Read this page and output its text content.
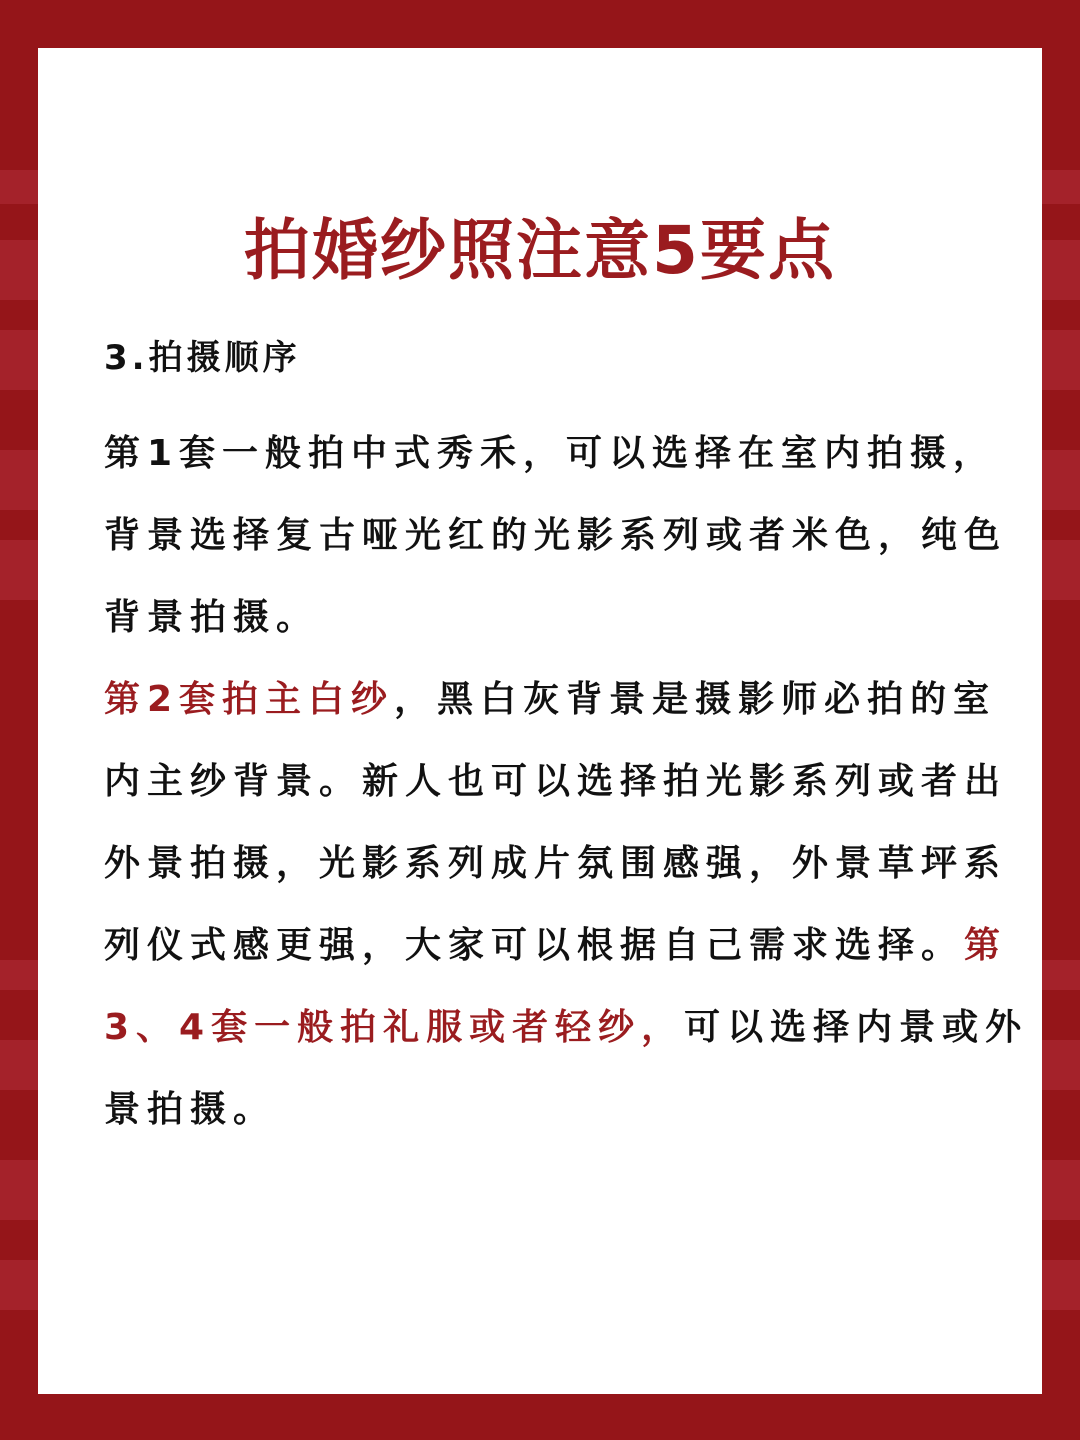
拍婚纱照注意5要点

3.拍摄顺序

第1套一般拍中式秀禾，可以选择在室内拍摄，背景选择复古哑光红的光影系列或者米色，纯色背景拍摄。
第2套拍主白纱，黑白灰背景是摄影师必拍的室内主纱背景。新人也可以选择拍光影系列或者出外景拍摄，光影系列成片氛围感强，外景草坪系列仪式感更强，大家可以根据自己需求选择。第3、4套一般拍礼服或者轻纱，可以选择内景或外景拍摄。
